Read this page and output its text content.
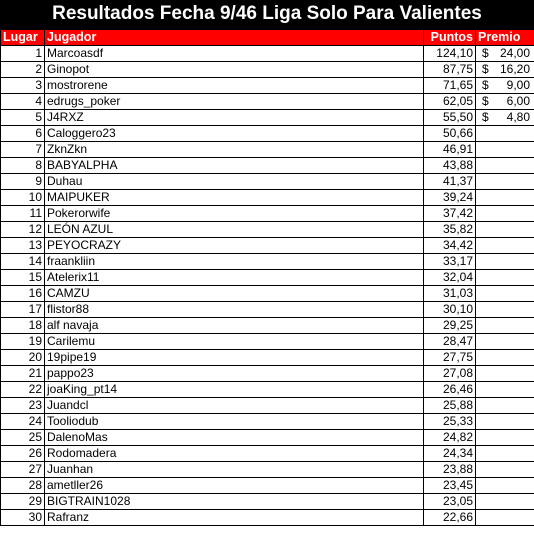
Resultados Fecha 9/46 Liga Solo Para Valientes
Lugar	Jugador	Puntos	Premio
1	Marcoasdf	124,10	$ 24,00

2	Ginopot	87,75	$ 16,20

3	mostrorene	71,65	$ 9,00

4	edrugs_poker	62,05	$ 6,00

5	J4RXZ	55,50	$ 4,80

6	Caloggero23	50,66	
7	ZknZkn	46,91	
8	BABYALPHA	43,88	
9	Duhau	41,37	
10	MAIPUKER	39,24	
11	Pokerorwife	37,42	
12	LEÓN AZUL	35,82	
13	PEYOCRAZY	34,42	
14	fraankliin	33,17	
15	Atelerix11	32,04	
16	CAMZU	31,03	
17	flistor88	30,10	
18	alf navaja	29,25	
19	Carilemu	28,47	
20	19pipe19	27,75	
21	pappo23	27,08	
22	joaKing_pt14	26,46	
23	Juandcl	25,88	
24	Tooliodub	25,33	
25	DalenoMas	24,82	
26	Rodomadera	24,34	
27	Juanhan	23,88	
28	ametller26	23,45	
29	BIGTRAIN1028	23,05	
30	Rafranz	22,66	
